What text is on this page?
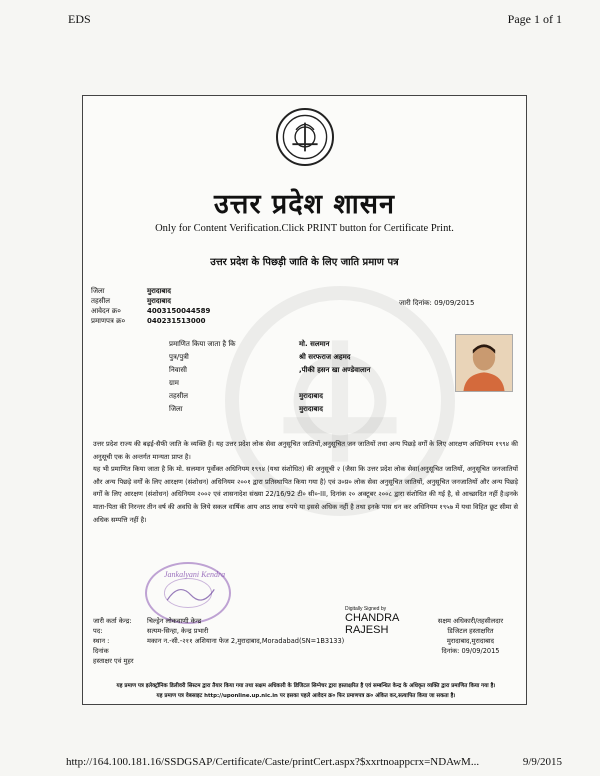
EDS	Page 1 of 1
उत्तर प्रदेश शासन
Only for Content Verification.Click PRINT button for Certificate Print.
उत्तर प्रदेश के पिछड़ी जाति के लिए जाति प्रमाण पत्र
जिला	मुरादाबाद
तहसील	मुरादाबाद
आवेदन क्र०	4003150044589
प्रमाणपत्र क्र०	040231513000
जारी दिनांक: 09/09/2015
प्रमाणित किया जाता है कि	मो. सलमान
पुत्र/पुत्री	श्री सरफराज अहमद
निवासी	,पीकी हसन खा अण्डेवालान
ग्राम
तहसील	मुरादाबाद
जिला	मुरादाबाद

उत्तर प्रदेश राज्य की बढ़ई-सैफी जाति के व्यक्ति हैं। यह उत्तर प्रदेश लोक सेवा अनुसूचित जातियों,अनुसूचित जन जातियों तथा अन्य पिछड़े वर्गों के लिए आरक्षण अधिनियम १९९४ की अनुसूची एक के अन्तर्गत मान्यता प्राप्त है।

यह भी प्रमाणित किया जाता है कि मो. सलमान पूर्वोक्त अधिनियम १९९४ (यथा संशोधित) की अनुसूची २ (जैसा कि उत्तर प्रदेश लोक सेवा(अनुसूचित जातियों, अनुसूचित जनजातियों और अन्य पिछड़े वर्गों के लिए आरक्षण (संशोधन) अधिनियम २००१ द्वारा प्रतिस्थापित किया गया है) एवं उ०प्र० लोक सेवा अनुसूचित जातियों, अनुसूचित जनजातियों और अन्य पिछड़े वर्गों के लिए आरक्षण (संशोधन) अधिनियम २००२ एवं शासनादेश संख्या 22/16/92 टी० सी०-III, दिनांक २० अक्टूबर २००८ द्वारा संशोधित की गई है, से आच्छादित नहीं है।इनके माता-पिता की निरन्तर तीन वर्ष की अवधि के लिये सकल वार्षिक आय आठ लाख रुपये या इससे अधिक नहीं है तथा इनके पास धन कर अधिनियम १९५७ में यथा विहित छूट सीमा से अधिक सम्पत्ति नहीं है।

Jankalyani Kendra
जारी कर्ता केन्द्र:	चिल्ड्रेन लोकवाणी केन्द्र
पद:	सत्यम-सिन्हा, केन्द्र प्रभारी
स्थान :	मकान न.-सी.-२११ अशियाना फेज 2,मुरादाबाद,Moradabad(SN=1B3133)
दिनांक
हस्ताक्षर एवं मुहर
Digitally Signed by
CHANDRA
RAJESH
सक्षम अधिकारी/तहसीलदार
डिजिटल हस्ताक्षरित
मुरादाबाद,मुरादाबाद
दिनांक: 09/09/2015
यह प्रमाण पत्र इलेक्ट्रॉनिक डिलीवरी सिस्टम द्वारा तैयार किया गया तथा सक्षम अधिकारी के डिजिटल सिग्नेचर द्वारा हस्ताक्षरित है एवं सम्बन्धित केन्द्र के अधिकृत व्यक्ति द्वारा प्रमाणित किया गया है।
यह प्रमाण पत्र वेबसाइट http://uponline.up.nic.in पर इसका पहले आवेदन क्र० फिर प्रमाणपत्र क्र० अंकित कर,सत्यापित किया जा सकता है।
http://164.100.181.16/SSDGSAP/Certificate/Caste/printCert.aspx?$xxrtnoappcrx=NDAwM...	9/9/2015
